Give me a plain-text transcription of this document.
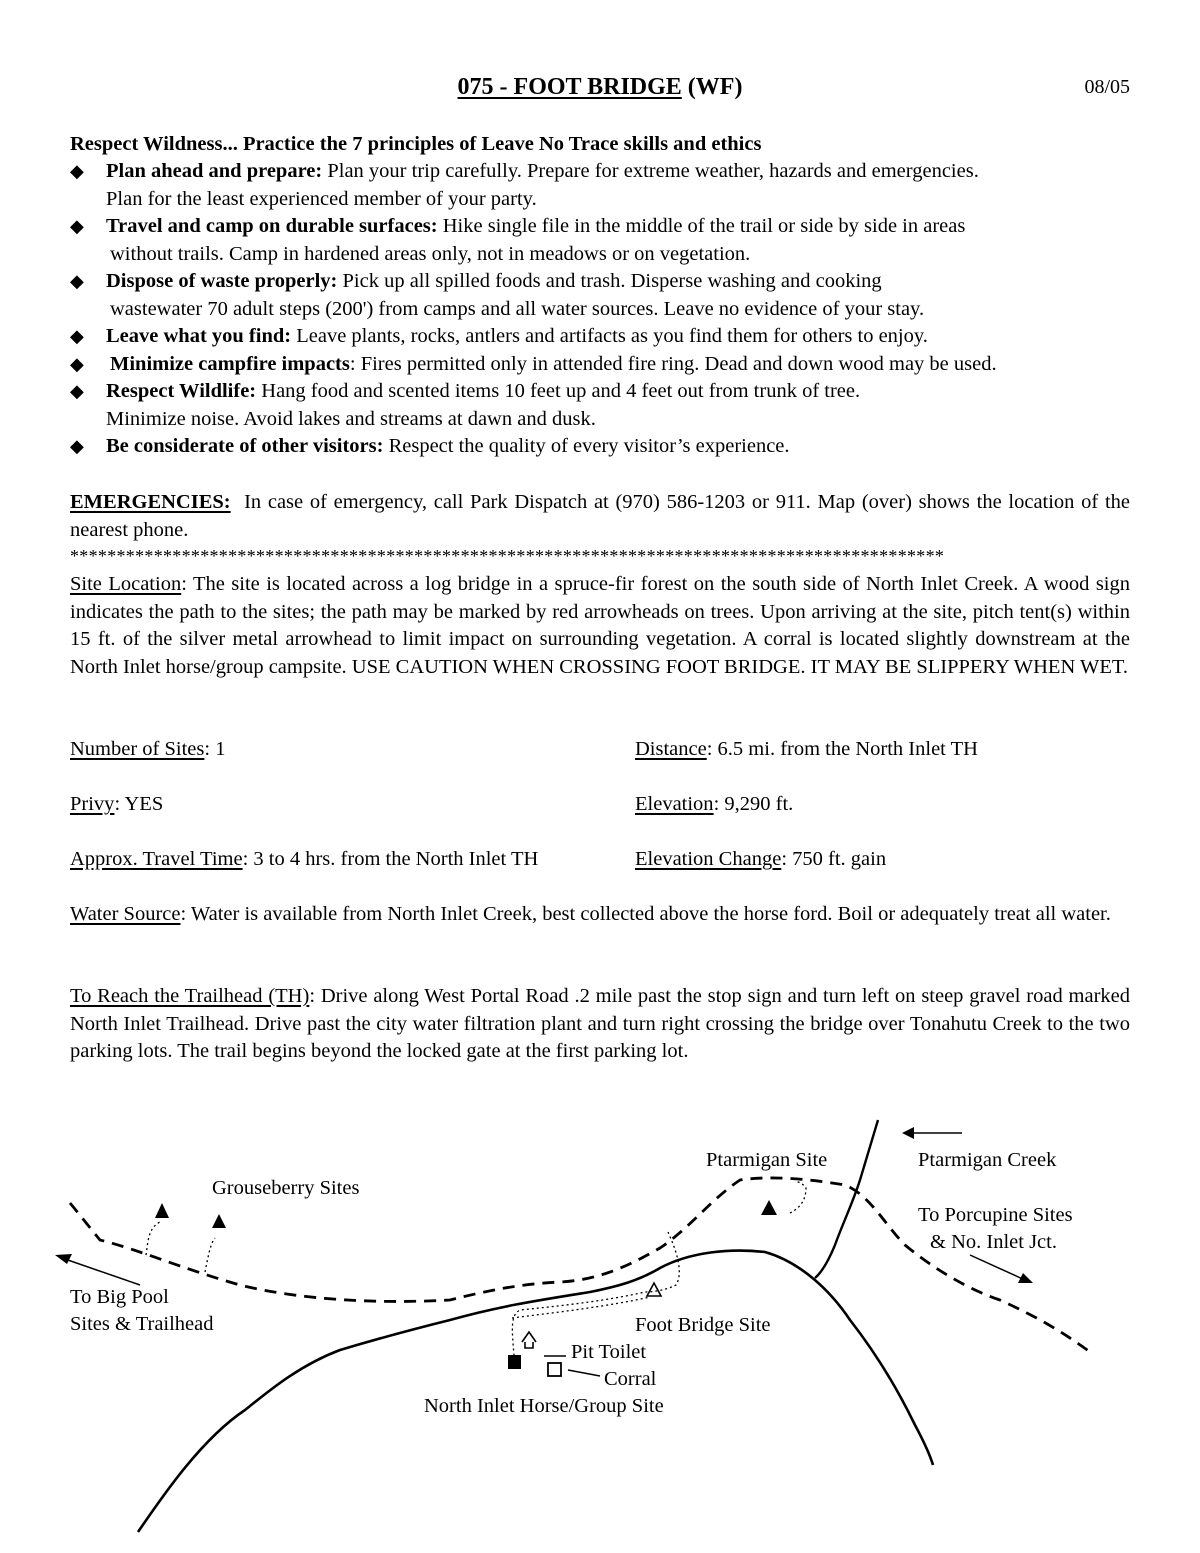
075 - FOOT BRIDGE (WF)	08/05
Respect Wildness... Practice the 7 principles of Leave No Trace skills and ethics
◆ Plan ahead and prepare: Plan your trip carefully. Prepare for extreme weather, hazards and emergencies.
Plan for the least experienced member of your party.
◆ Travel and camp on durable surfaces: Hike single file in the middle of the trail or side by side in areas
without trails. Camp in hardened areas only, not in meadows or on vegetation.
◆ Dispose of waste properly: Pick up all spilled foods and trash. Disperse washing and cooking
wastewater 70 adult steps (200') from camps and all water sources. Leave no evidence of your stay.
◆ Leave what you find: Leave plants, rocks, antlers and artifacts as you find them for others to enjoy.
◆ Minimize campfire impacts: Fires permitted only in attended fire ring. Dead and down wood may be used.
◆ Respect Wildlife: Hang food and scented items 10 feet up and 4 feet out from trunk of tree.
Minimize noise. Avoid lakes and streams at dawn and dusk.
◆ Be considerate of other visitors: Respect the quality of every visitor’s experience.
EMERGENCIES: In case of emergency, call Park Dispatch at (970) 586-1203 or 911. Map (over) shows the location of the nearest phone.
**********************************************************************************************
Site Location: The site is located across a log bridge in a spruce-fir forest on the south side of North Inlet Creek. A wood sign indicates the path to the sites; the path may be marked by red arrowheads on trees. Upon arriving at the site, pitch tent(s) within 15 ft. of the silver metal arrowhead to limit impact on surrounding vegetation. A corral is located slightly downstream at the North Inlet horse/group campsite. USE CAUTION WHEN CROSSING FOOT BRIDGE. IT MAY BE SLIPPERY WHEN WET.
Number of Sites: 1	Distance: 6.5 mi. from the North Inlet TH
Privy: YES	Elevation: 9,290 ft.
Approx. Travel Time: 3 to 4 hrs. from the North Inlet TH	Elevation Change: 750 ft. gain
Water Source: Water is available from North Inlet Creek, best collected above the horse ford. Boil or adequately treat all water.
To Reach the Trailhead (TH): Drive along West Portal Road .2 mile past the stop sign and turn left on steep gravel road marked North Inlet Trailhead. Drive past the city water filtration plant and turn right crossing the bridge over Tonahutu Creek to the two parking lots. The trail begins beyond the locked gate at the first parking lot.
Grouseberry Sites
To Big Pool
Sites & Trailhead
Ptarmigan Site	Ptarmigan Creek
To Porcupine Sites
& No. Inlet Jct.
Foot Bridge Site
Pit Toilet
Corral
North Inlet Horse/Group Site
